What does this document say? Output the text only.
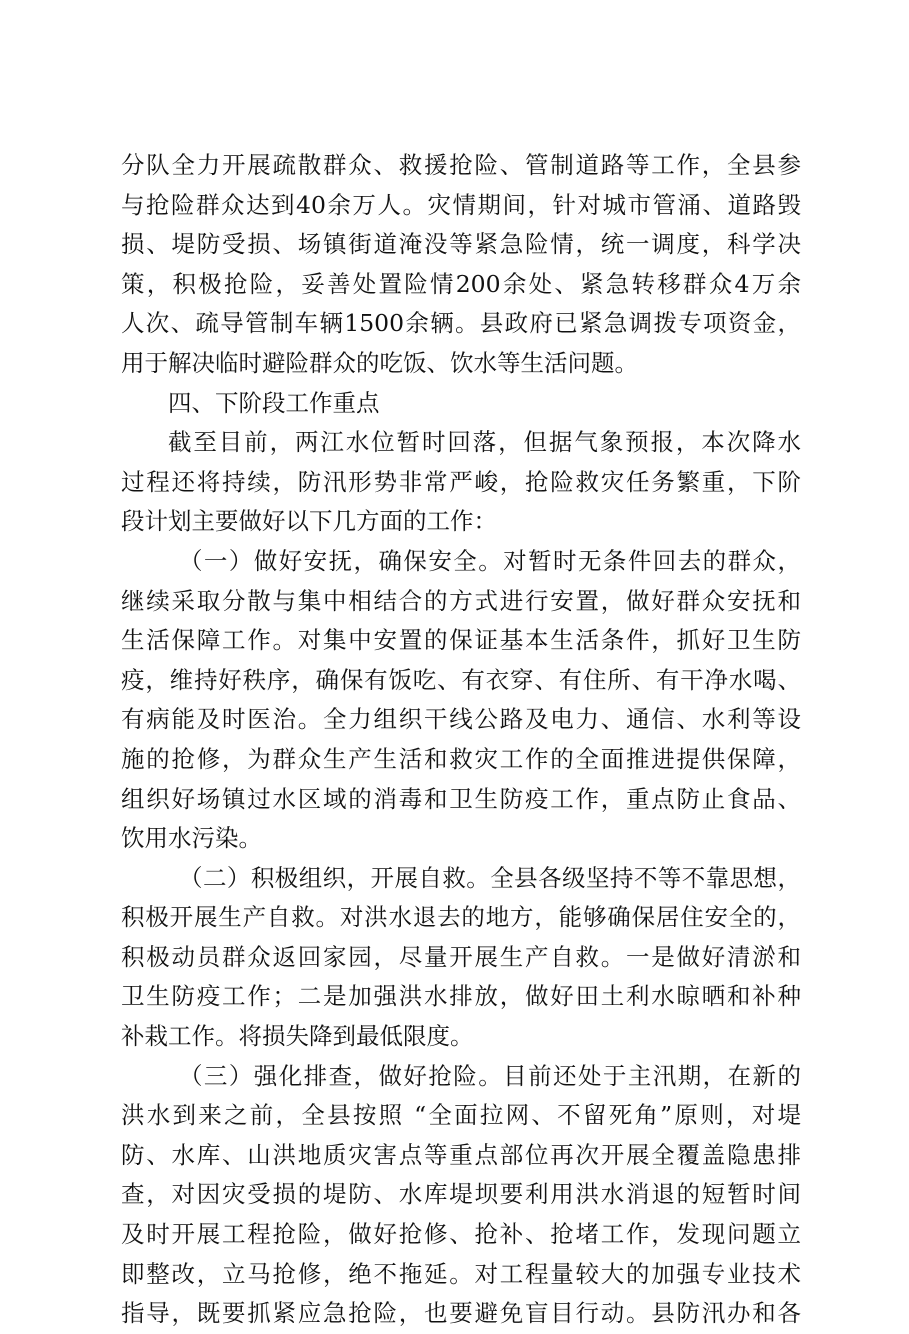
分队全力开展疏散群众、救援抢险、管制道路等工作，全县参
与抢险群众达到40余万人。灾情期间，针对城市管涌、道路毁
损、堤防受损、场镇街道淹没等紧急险情，统一调度，科学决
策，积极抢险，妥善处置险情200余处、紧急转移群众4万余
人次、疏导管制车辆1500余辆。县政府已紧急调拨专项资金，
用于解决临时避险群众的吃饭、饮水等生活问题。
四、下阶段工作重点
截至目前，两江水位暂时回落，但据气象预报，本次降水
过程还将持续，防汛形势非常严峻，抢险救灾任务繁重，下阶
段计划主要做好以下几方面的工作：
（一）做好安抚，确保安全。对暂时无条件回去的群众，
继续采取分散与集中相结合的方式进行安置，做好群众安抚和
生活保障工作。对集中安置的保证基本生活条件，抓好卫生防
疫，维持好秩序，确保有饭吃、有衣穿、有住所、有干净水喝、
有病能及时医治。全力组织干线公路及电力、通信、水利等设
施的抢修，为群众生产生活和救灾工作的全面推进提供保障，
组织好场镇过水区域的消毒和卫生防疫工作，重点防止食品、
饮用水污染。
（二）积极组织，开展自救。全县各级坚持不等不靠思想，
积极开展生产自救。对洪水退去的地方，能够确保居住安全的，
积极动员群众返回家园，尽量开展生产自救。一是做好清淤和
卫生防疫工作；二是加强洪水排放，做好田土利水晾晒和补种
补栽工作。将损失降到最低限度。
（三）强化排查，做好抢险。目前还处于主汛期，在新的
洪水到来之前，全县按照 “全面拉网、不留死角”原则，对堤
防、水库、山洪地质灾害点等重点部位再次开展全覆盖隐患排
查，对因灾受损的堤防、水库堤坝要利用洪水消退的短暂时间
及时开展工程抢险，做好抢修、抢补、抢堵工作，发现问题立
即整改，立马抢修，绝不拖延。对工程量较大的加强专业技术
指导，既要抓紧应急抢险，也要避免盲目行动。县防汛办和各
